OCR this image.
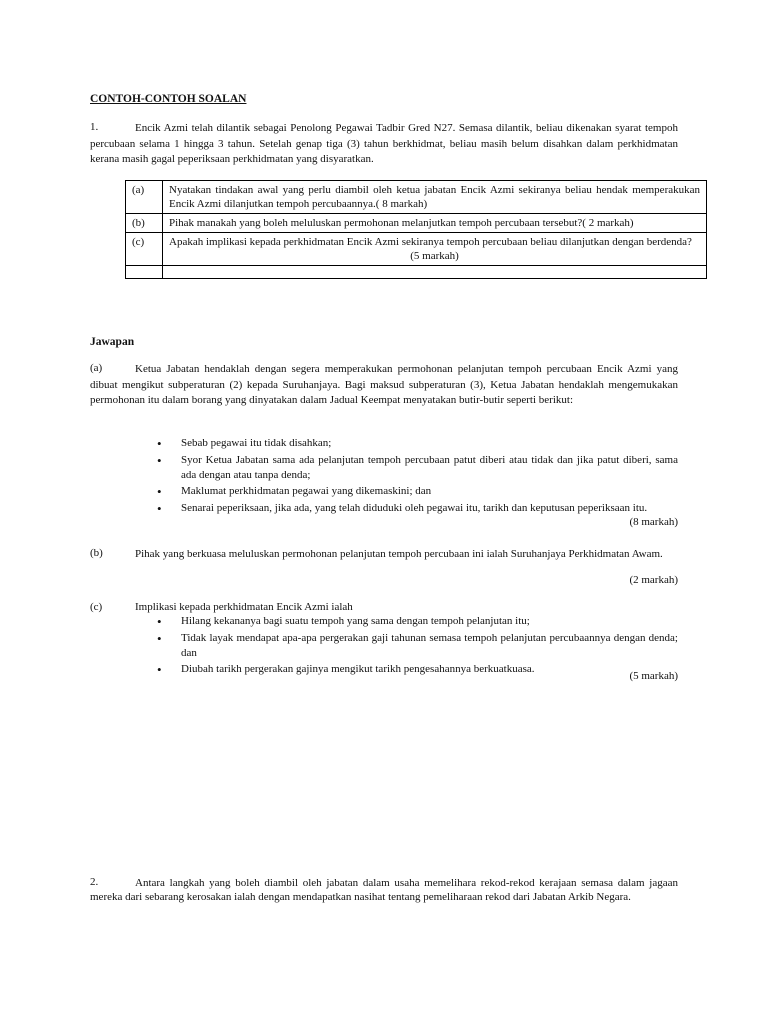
CONTOH-CONTOH SOALAN
1.	Encik Azmi telah dilantik sebagai Penolong Pegawai Tadbir Gred N27. Semasa dilantik, beliau dikenakan syarat tempoh percubaan selama 1 hingga 3 tahun. Setelah genap tiga (3) tahun berkhidmat, beliau masih belum disahkan dalam perkhidmatan kerana masih gagal peperiksaan perkhidmatan yang disyaratkan.
(a)	Nyatakan tindakan awal yang perlu diambil oleh ketua jabatan Encik Azmi sekiranya beliau hendak memperakukan Encik Azmi dilanjutkan tempoh percubaannya.( 8 markah)
(b)	Pihak manakah yang boleh meluluskan permohonan melanjutkan tempoh percubaan tersebut?( 2 markah)
(c)	Apakah implikasi kepada perkhidmatan Encik Azmi sekiranya tempoh percubaan beliau dilanjutkan dengan berdenda?
(5 markah)

Jawapan
(a)	Ketua Jabatan hendaklah dengan segera memperakukan permohonan pelanjutan tempoh percubaan Encik Azmi yang dibuat mengikut subperaturan (2) kepada Suruhanjaya. Bagi maksud subperaturan (3), Ketua Jabatan hendaklah mengemukakan permohonan itu dalam borang yang dinyatakan dalam Jadual Keempat menyatakan butir-butir seperti berikut:
• Sebab pegawai itu tidak disahkan;
• Syor Ketua Jabatan sama ada pelanjutan tempoh percubaan patut diberi atau tidak dan jika patut diberi, sama ada dengan atau tanpa denda;
• Maklumat perkhidmatan pegawai yang dikemaskini; dan
• Senarai peperiksaan, jika ada, yang telah diduduki oleh pegawai itu, tarikh dan keputusan peperiksaan itu.
(8 markah)
(b)	Pihak yang berkuasa meluluskan permohonan pelanjutan tempoh percubaan ini ialah Suruhanjaya Perkhidmatan Awam.
(2 markah)
(c)	Implikasi kepada perkhidmatan Encik Azmi ialah
• Hilang kekananya bagi suatu tempoh yang sama dengan tempoh pelanjutan itu;
• Tidak layak mendapat apa-apa pergerakan gaji tahunan semasa tempoh pelanjutan percubaannya dengan denda; dan
• Diubah tarikh pergerakan gajinya mengikut tarikh pengesahannya berkuatkuasa.
(5 markah)
2.	Antara langkah yang boleh diambil oleh jabatan dalam usaha memelihara rekod-rekod kerajaan semasa dalam jagaan mereka dari sebarang kerosakan ialah dengan mendapatkan nasihat tentang pemeliharaan rekod dari Jabatan Arkib Negara.
